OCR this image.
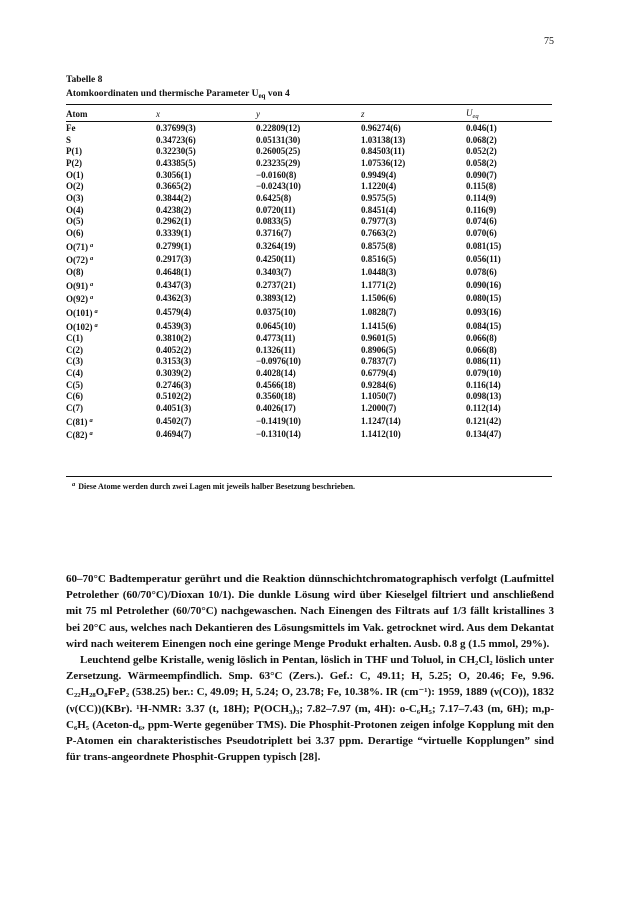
75
Tabelle 8
Atomkoordinaten und thermische Parameter $U_{eq}$ von 4
Atom	x	y	z	$U_{eq}$
Fe	0.37699(3)	0.22809(12)	0.96274(6)	0.046(1)
S	0.34723(6)	0.05131(30)	1.03138(13)	0.068(2)
P(1)	0.32230(5)	0.26005(25)	0.84503(11)	0.052(2)
P(2)	0.43385(5)	0.23235(29)	1.07536(12)	0.058(2)
O(1)	0.3056(1)	−0.0160(8)	0.9949(4)	0.090(7)
O(2)	0.3665(2)	−0.0243(10)	1.1220(4)	0.115(8)
O(3)	0.3844(2)	0.6425(8)	0.9575(5)	0.114(9)
O(4)	0.4238(2)	0.0720(11)	0.8451(4)	0.116(9)
O(5)	0.2962(1)	0.0833(5)	0.7977(3)	0.074(6)
O(6)	0.3339(1)	0.3716(7)	0.7663(2)	0.070(6)
O(71) $^a$	0.2799(1)	0.3264(19)	0.8575(8)	0.081(15)
O(72) $^a$	0.2917(3)	0.4250(11)	0.8516(5)	0.056(11)
O(8)	0.4648(1)	0.3403(7)	1.0448(3)	0.078(6)
O(91) $^a$	0.4347(3)	0.2737(21)	1.1771(2)	0.090(16)
O(92) $^a$	0.4362(3)	0.3893(12)	1.1506(6)	0.080(15)
O(101) $^a$	0.4579(4)	0.0375(10)	1.0828(7)	0.093(16)
O(102) $^a$	0.4539(3)	0.0645(10)	1.1415(6)	0.084(15)
C(1)	0.3810(2)	0.4773(11)	0.9601(5)	0.066(8)
C(2)	0.4052(2)	0.1326(11)	0.8906(5)	0.066(8)
C(3)	0.3153(3)	−0.0976(10)	0.7837(7)	0.086(11)
C(4)	0.3039(2)	0.4028(14)	0.6779(4)	0.079(10)
C(5)	0.2746(3)	0.4566(18)	0.9284(6)	0.116(14)
C(6)	0.5102(2)	0.3560(18)	1.1050(7)	0.098(13)
C(7)	0.4051(3)	0.4026(17)	1.2000(7)	0.112(14)
C(81) $^a$	0.4502(7)	−0.1419(10)	1.1247(14)	0.121(42)
C(82) $^a$	0.4694(7)	−0.1310(14)	1.1412(10)	0.134(47)
$^a$ Diese Atome werden durch zwei Lagen mit jeweils halber Besetzung beschrieben.

60–70°C Badtemperatur gerührt und die Reaktion dünnschichtchromatographisch verfolgt (Laufmittel Petrolether (60/70°C)/Dioxan 10/1). Die dunkle Lösung wird über Kieselgel filtriert und anschließend mit 75 ml Petrolether (60/70°C) nachgewaschen. Nach Einengen des Filtrats auf 1/3 fällt kristallines 3 bei 20°C aus, welches nach Dekantieren des Lösungsmittels im Vak. getrocknet wird. Aus dem Dekantat wird nach weiterem Einengen noch eine geringe Menge Produkt erhalten. Ausb. 0.8 g (1.5 mmol, 29%).

Leuchtend gelbe Kristalle, wenig löslich in Pentan, löslich in THF und Toluol, in CH₂Cl₂ löslich unter Zersetzung. Wärmeempfindlich. Smp. 63°C (Zers.). Gef.: C, 49.11; H, 5.25; O, 20.46; Fe, 9.96. C₂₂H₂₈O₈FeP₂ (538.25) ber.: C, 49.09; H, 5.24; O, 23.78; Fe, 10.38%. IR (cm⁻¹): 1959, 1889 (ν(CO)), 1832 (ν(CC))(KBr). ¹H-NMR: 3.37 (t, 18H); P(OCH₃)₃; 7.82–7.97 (m, 4H): o-C₆H₅; 7.17–7.43 (m, 6H); m,p-C₆H₅ (Aceton-d₆, ppm-Werte gegenüber TMS). Die Phosphit-Protonen zeigen infolge Kopplung mit den P-Atomen ein charakteristisches Pseudotriplett bei 3.37 ppm. Derartige “virtuelle Kopplungen” sind für trans-angeordnete Phosphit-Gruppen typisch [28].
